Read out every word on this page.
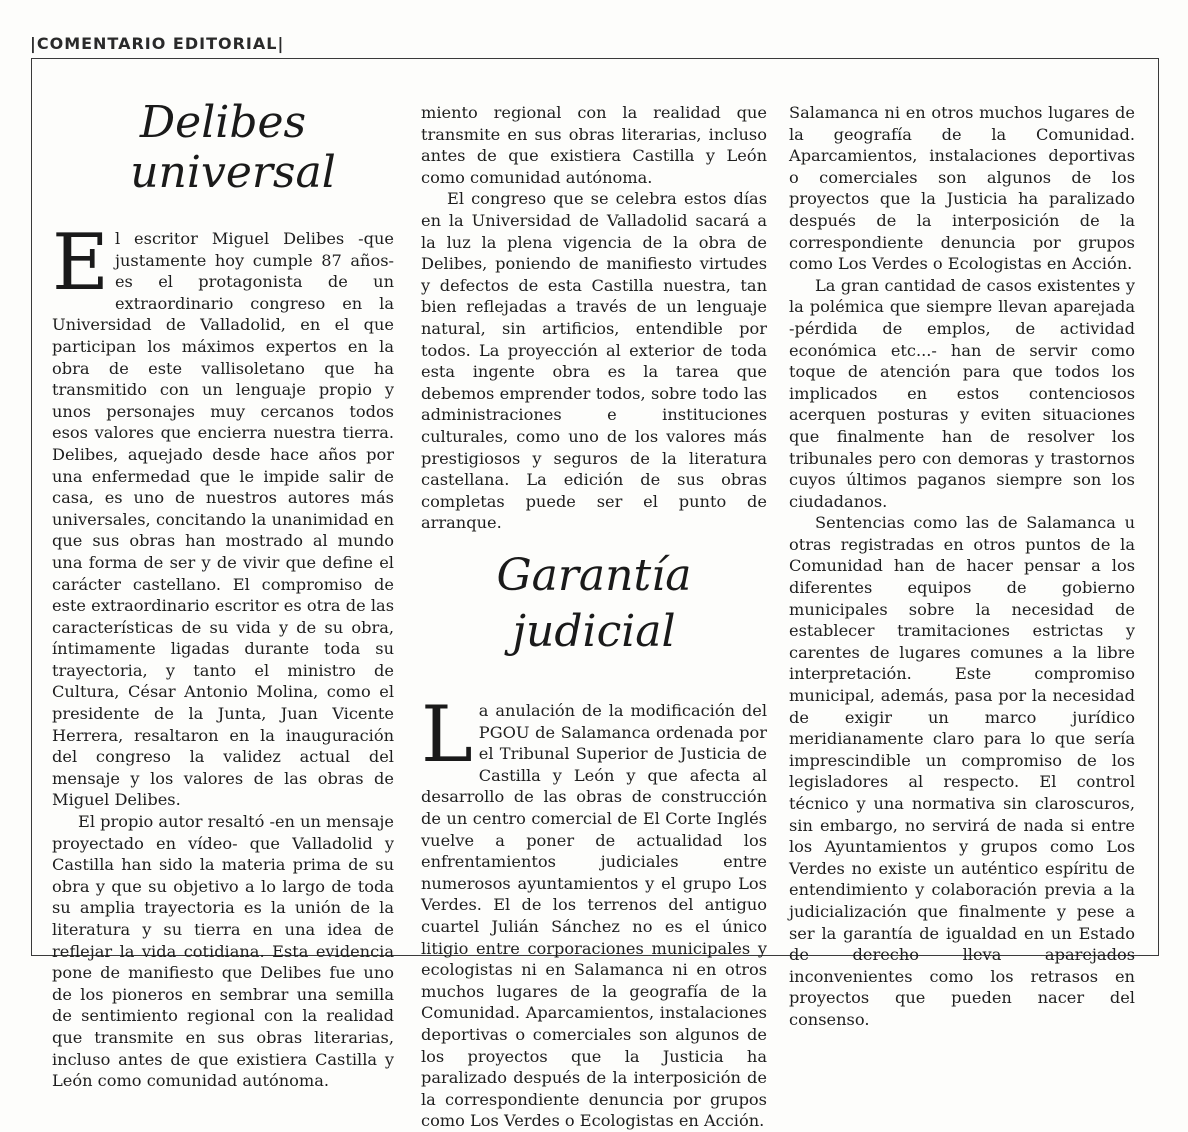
|COMENTARIO EDITORIAL|
Delibes
universal

El escritor Miguel Delibes -que justamente hoy cumple 87 años- es el protagonista de un extraordinario congreso en la Universidad de Valladolid, en el que participan los máximos expertos en la obra de este vallisoletano que ha transmitido con un lenguaje propio y unos personajes muy cercanos todos esos valores que encierra nuestra tierra. Delibes, aquejado desde hace años por una enfermedad que le impide salir de casa, es uno de nuestros autores más universales, concitando la unanimidad en que sus obras han mostrado al mundo una forma de ser y de vivir que define el carácter castellano. El compromiso de este extraordinario escritor es otra de las características de su vida y de su obra, íntimamente ligadas durante toda su trayectoria, y tanto el ministro de Cultura, César Antonio Molina, como el presidente de la Junta, Juan Vicente Herrera, resaltaron en la inauguración del congreso la validez actual del mensaje y los valores de las obras de Miguel Delibes.

El propio autor resaltó -en un mensaje proyectado en vídeo- que Valladolid y Castilla han sido la materia prima de su obra y que su objetivo a lo largo de toda su amplia trayectoria es la unión de la literatura y su tierra en una idea de reflejar la vida cotidiana. Esta evidencia pone de manifiesto que Delibes fue uno de los pioneros en sembrar una semilla de sentimiento regional con la realidad que transmite en sus obras literarias, incluso antes de que existiera Castilla y León como comunidad autónoma.

miento regional con la realidad que transmite en sus obras literarias, incluso antes de que existiera Castilla y León como comunidad autónoma.

El congreso que se celebra estos días en la Universidad de Valladolid sacará a la luz la plena vigencia de la obra de Delibes, poniendo de manifiesto virtudes y defectos de esta Castilla nuestra, tan bien reflejadas a través de un lenguaje natural, sin artificios, entendible por todos. La proyección al exterior de toda esta ingente obra es la tarea que debemos emprender todos, sobre todo las administraciones e instituciones culturales, como uno de los valores más prestigiosos y seguros de la literatura castellana. La edición de sus obras completas puede ser el punto de arranque.

Garantía
judicial

La anulación de la modificación del PGOU de Salamanca ordenada por el Tribunal Superior de Justicia de Castilla y León y que afecta al desarrollo de las obras de construcción de un centro comercial de El Corte Inglés vuelve a poner de actualidad los enfrentamientos judiciales entre numerosos ayuntamientos y el grupo Los Verdes. El de los terrenos del antiguo cuartel Julián Sánchez no es el único litigio entre corporaciones municipales y ecologistas ni en Salamanca ni en otros muchos lugares de la geografía de la Comunidad. Aparcamientos, instalaciones deportivas o comerciales son algunos de los proyectos que la Justicia ha paralizado después de la interposición de la correspondiente denuncia por grupos como Los Verdes o Ecologistas en Acción.

Salamanca ni en otros muchos lugares de la geografía de la Comunidad. Aparcamientos, instalaciones deportivas o comerciales son algunos de los proyectos que la Justicia ha paralizado después de la interposición de la correspondiente denuncia por grupos como Los Verdes o Ecologistas en Acción.

La gran cantidad de casos existentes y la polémica que siempre llevan aparejada -pérdida de emplos, de actividad económica etc...- han de servir como toque de atención para que todos los implicados en estos contenciosos acerquen posturas y eviten situaciones que finalmente han de resolver los tribunales pero con demoras y trastornos cuyos últimos paganos siempre son los ciudadanos.

Sentencias como las de Salamanca u otras registradas en otros puntos de la Comunidad han de hacer pensar a los diferentes equipos de gobierno municipales sobre la necesidad de establecer tramitaciones estrictas y carentes de lugares comunes a la libre interpretación. Este compromiso municipal, además, pasa por la necesidad de exigir un marco jurídico meridianamente claro para lo que sería imprescindible un compromiso de los legisladores al respecto. El control técnico y una normativa sin claroscuros, sin embargo, no servirá de nada si entre los Ayuntamientos y grupos como Los Verdes no existe un auténtico espíritu de entendimiento y colaboración previa a la judicialización que finalmente y pese a ser la garantía de igualdad en un Estado de derecho lleva aparejados inconvenientes como los retrasos en proyectos que pueden nacer del consenso.
